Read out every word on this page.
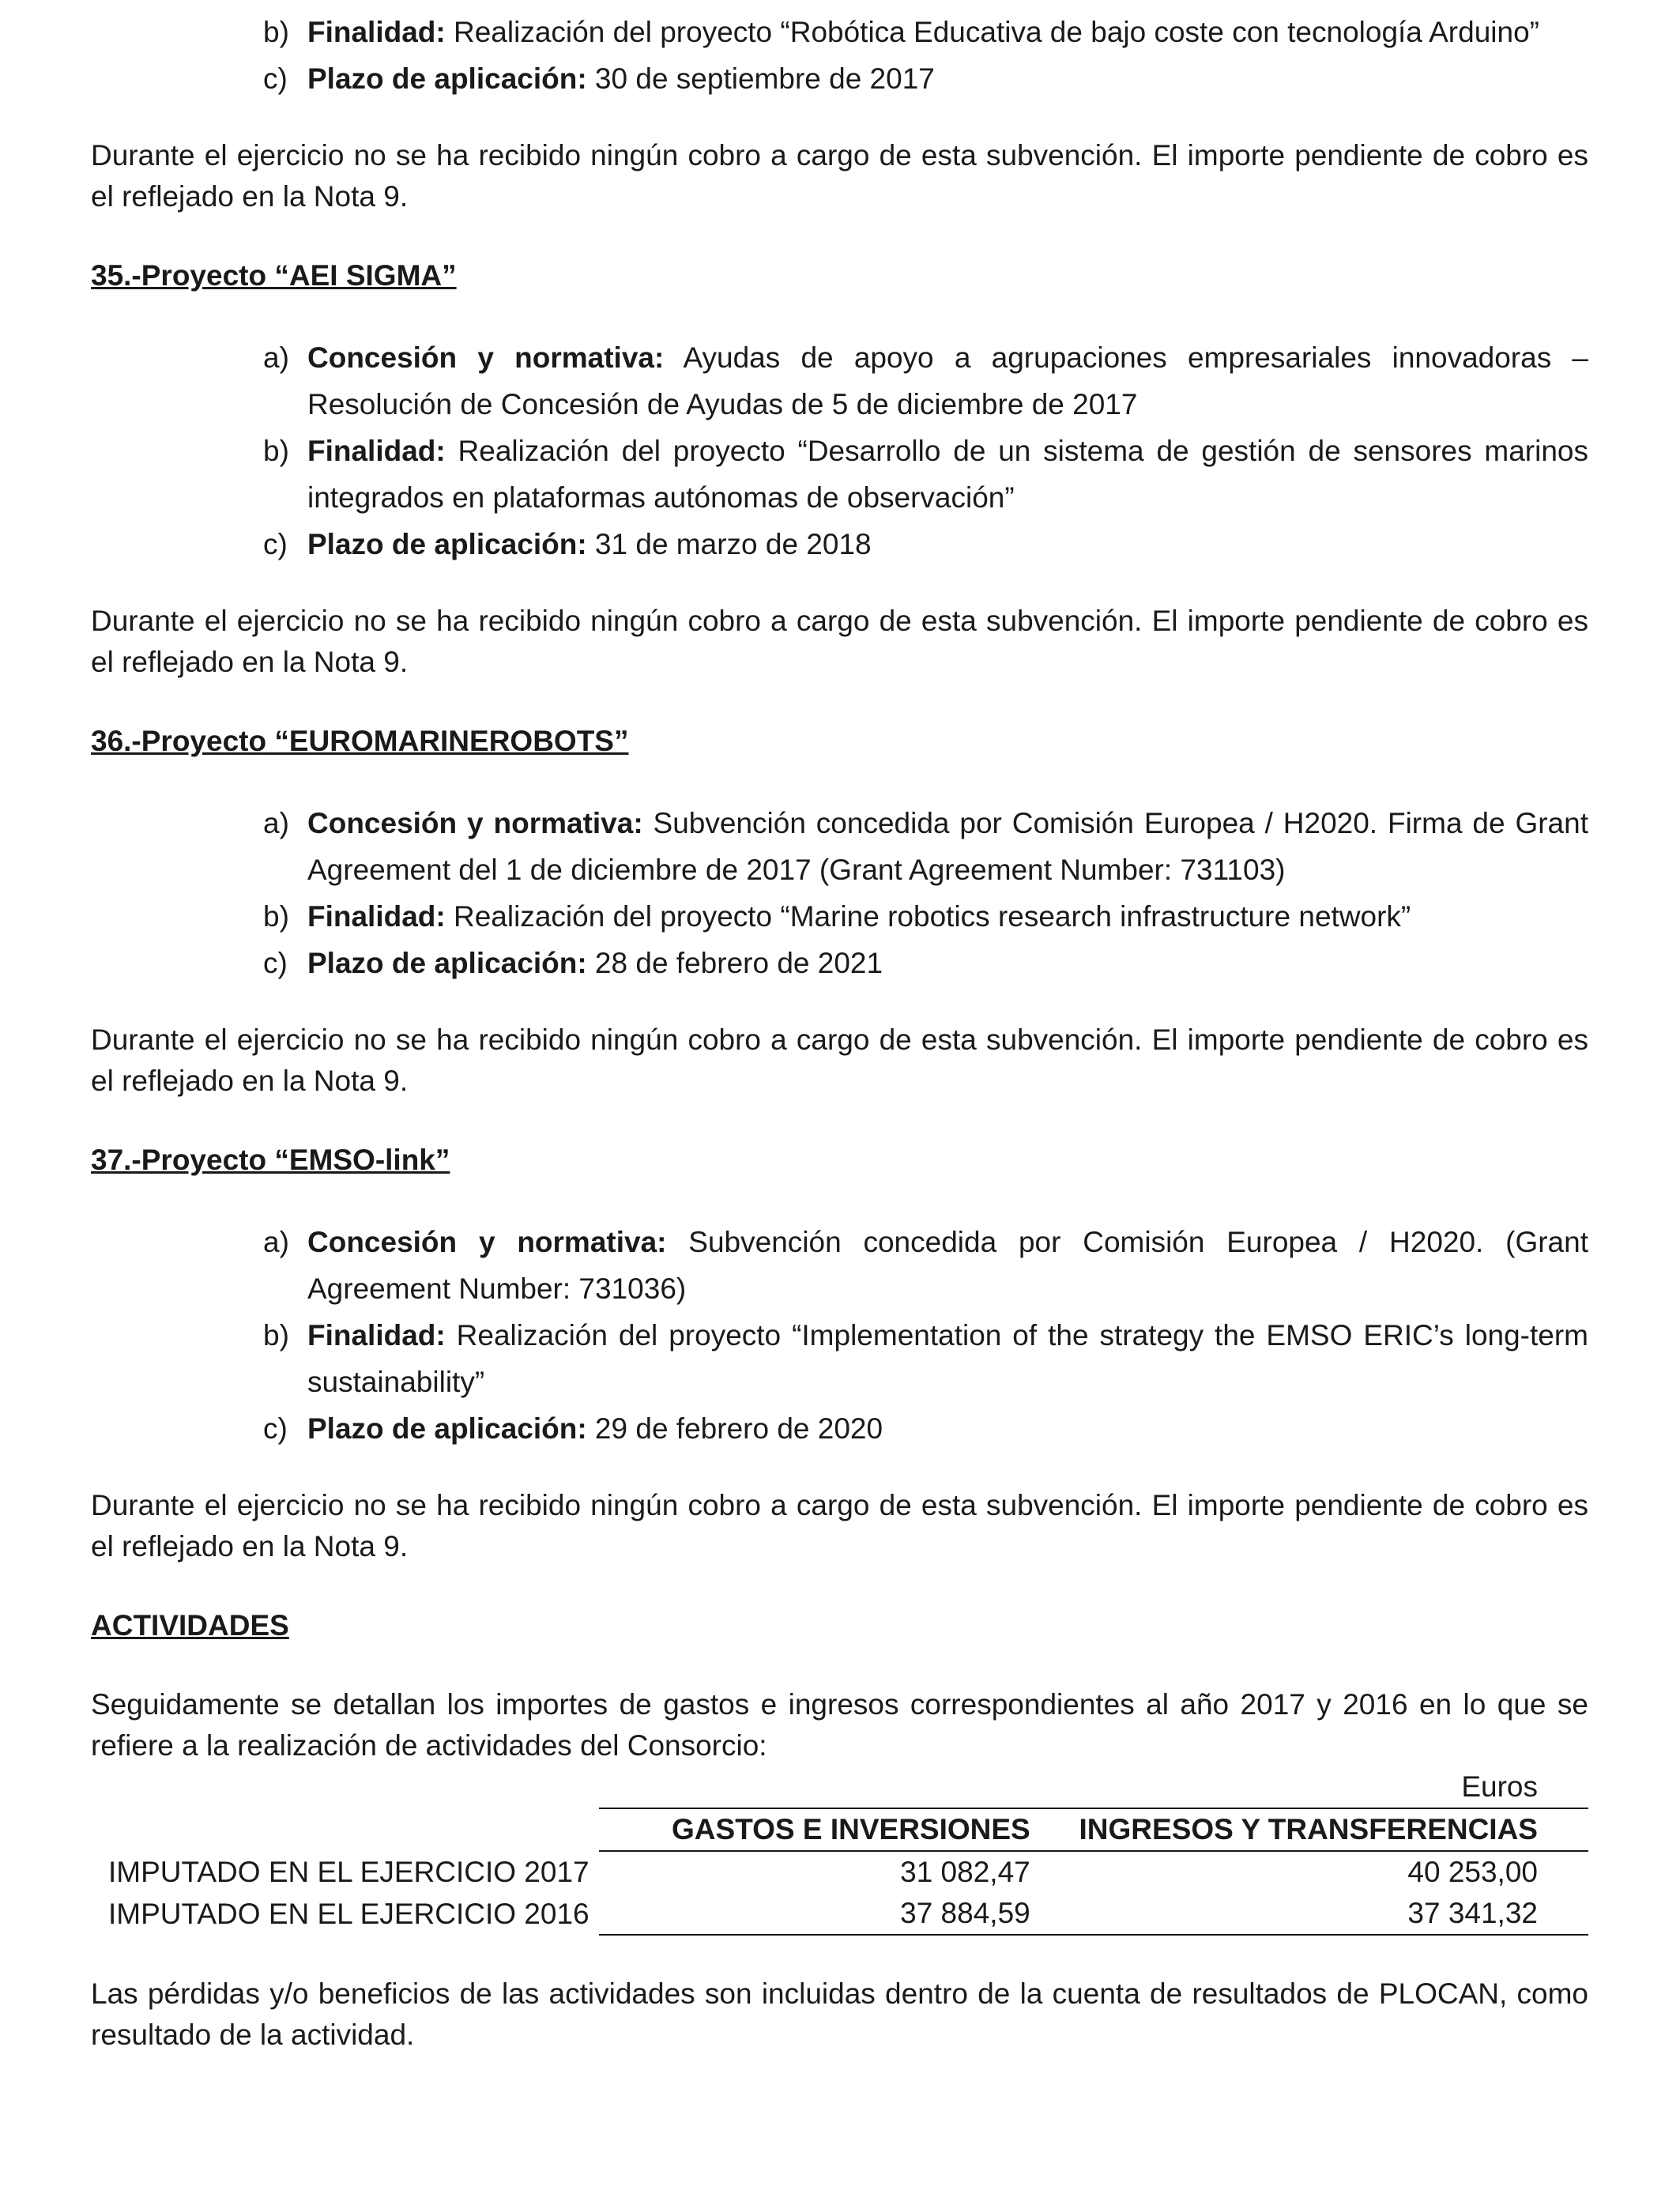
b) Finalidad: Realización del proyecto “Robótica Educativa de bajo coste con tecnología Arduino”
c) Plazo de aplicación: 30 de septiembre de 2017

Durante el ejercicio no se ha recibido ningún cobro a cargo de esta subvención. El importe pendiente de cobro es el reflejado en la Nota 9.

35.-Proyecto “AEI SIGMA”

a) Concesión y normativa: Ayudas de apoyo a agrupaciones empresariales innovadoras – Resolución de Concesión de Ayudas de 5 de diciembre de 2017
b) Finalidad: Realización del proyecto “Desarrollo de un sistema de gestión de sensores marinos integrados en plataformas autónomas de observación”
c) Plazo de aplicación: 31 de marzo de 2018

Durante el ejercicio no se ha recibido ningún cobro a cargo de esta subvención. El importe pendiente de cobro es el reflejado en la Nota 9.

36.-Proyecto “EUROMARINEROBOTS”

a) Concesión y normativa: Subvención concedida por Comisión Europea / H2020. Firma de Grant Agreement del 1 de diciembre de 2017 (Grant Agreement Number: 731103)
b) Finalidad: Realización del proyecto “Marine robotics research infrastructure network”
c) Plazo de aplicación: 28 de febrero de 2021

Durante el ejercicio no se ha recibido ningún cobro a cargo de esta subvención. El importe pendiente de cobro es el reflejado en la Nota 9.

37.-Proyecto “EMSO-link”

a) Concesión y normativa: Subvención concedida por Comisión Europea / H2020. (Grant Agreement Number: 731036)
b) Finalidad: Realización del proyecto “Implementation of the strategy the EMSO ERIC’s long-term sustainability”
c) Plazo de aplicación: 29 de febrero de 2020

Durante el ejercicio no se ha recibido ningún cobro a cargo de esta subvención. El importe pendiente de cobro es el reflejado en la Nota 9.

ACTIVIDADES

Seguidamente se detallan los importes de gastos e ingresos correspondientes al año 2017 y 2016 en lo que se refiere a la realización de actividades del Consorcio:

		Euros
	GASTOS E INVERSIONES	INGRESOS Y TRANSFERENCIAS
IMPUTADO EN EL EJERCICIO 2017	31 082,47	40 253,00
IMPUTADO EN EL EJERCICIO 2016	37 884,59	37 341,32

Las pérdidas y/o beneficios de las actividades son incluidas dentro de la cuenta de resultados de PLOCAN, como resultado de la actividad.
